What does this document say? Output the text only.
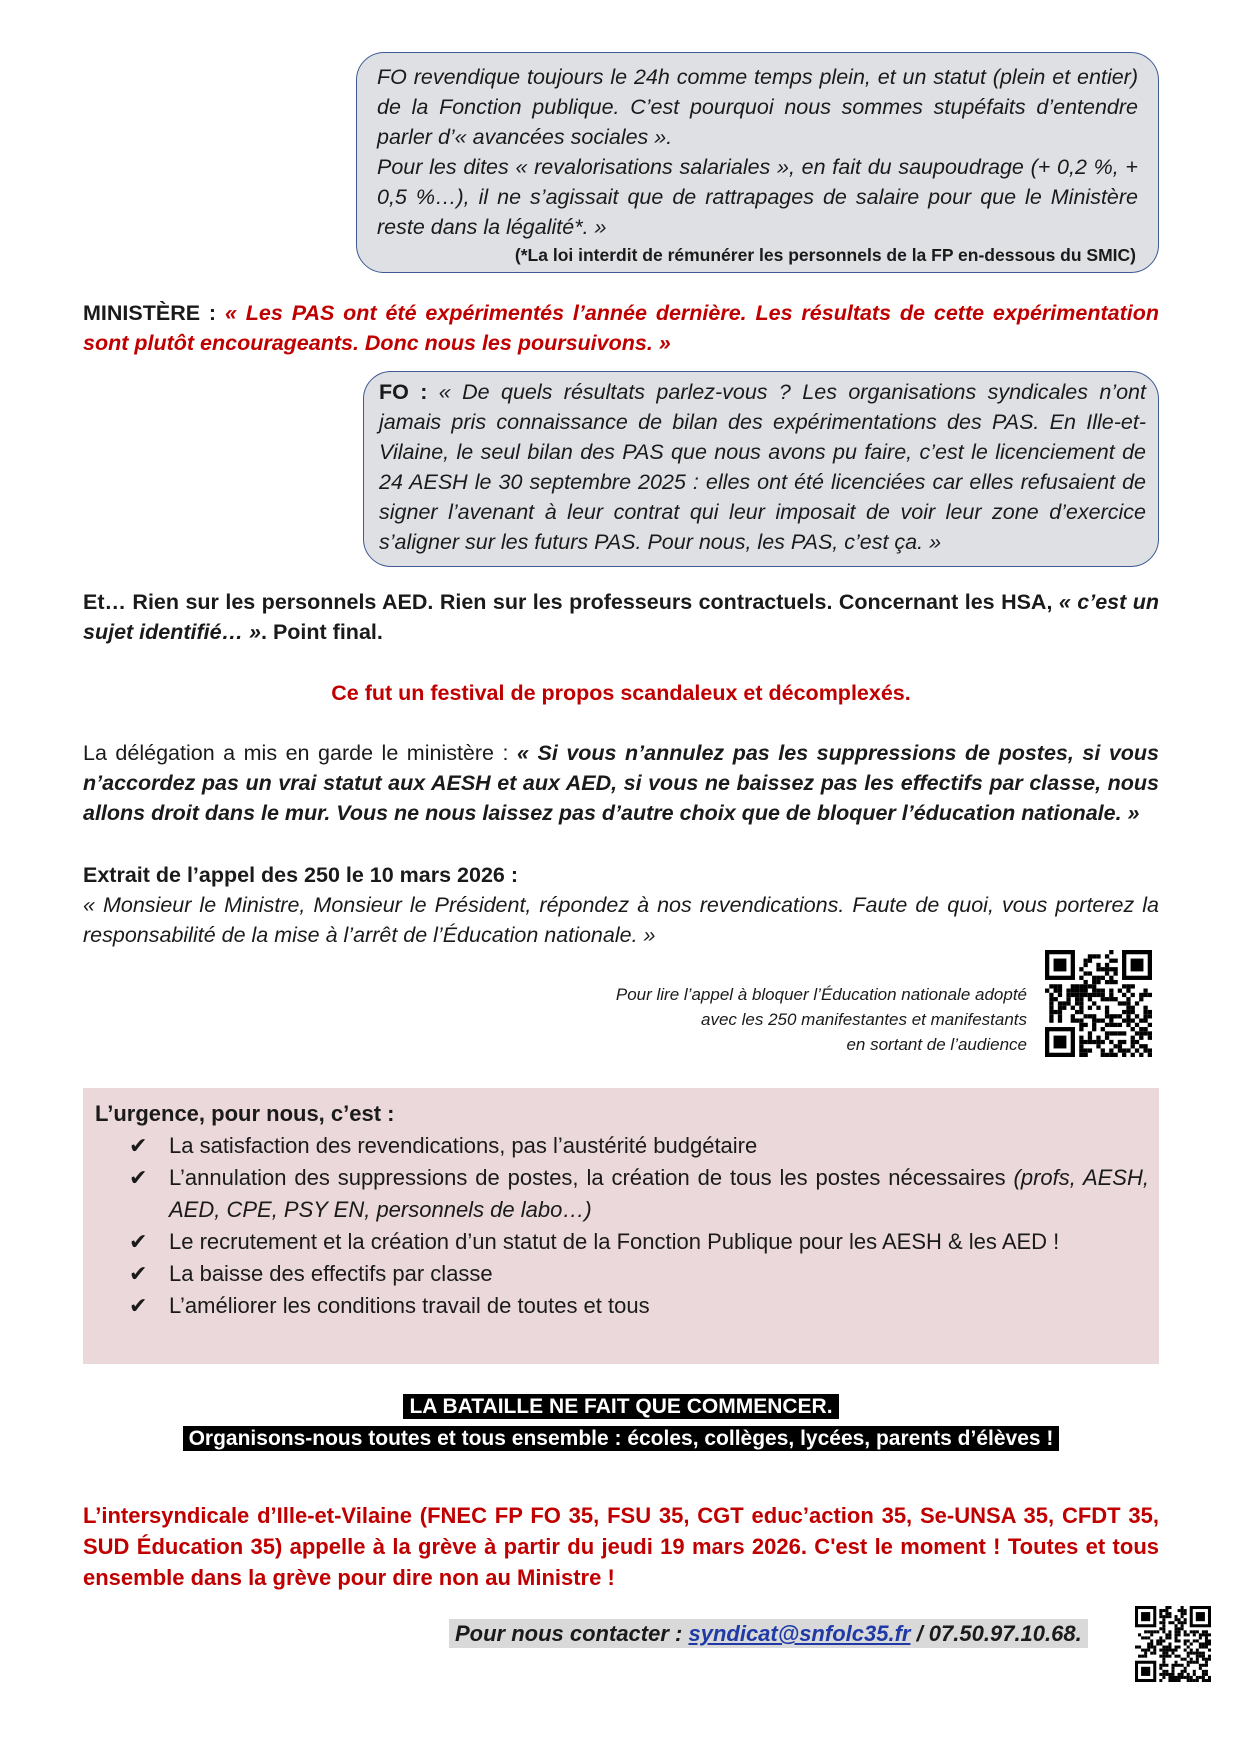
FO revendique toujours le 24h comme temps plein, et un statut (plein et entier) de la Fonction publique. C’est pourquoi nous sommes stupéfaits d’entendre parler d’« avancées sociales ».
Pour les dites « revalorisations salariales », en fait du saupoudrage (+ 0,2 %, + 0,5 %…), il ne s’agissait que de rattrapages de salaire pour que le Ministère reste dans la légalité*. »
(*La loi interdit de rémunérer les personnels de la FP en-dessous du SMIC)
MINISTÈRE : « Les PAS ont été expérimentés l’année dernière. Les résultats de cette expérimentation sont plutôt encourageants. Donc nous les poursuivons. »
FO : « De quels résultats parlez-vous ? Les organisations syndicales n’ont jamais pris connaissance de bilan des expérimentations des PAS. En Ille-et-Vilaine, le seul bilan des PAS que nous avons pu faire, c’est le licenciement de 24 AESH le 30 septembre 2025 : elles ont été licenciées car elles refusaient de signer l’avenant à leur contrat qui leur imposait de voir leur zone d’exercice s’aligner sur les futurs PAS. Pour nous, les PAS, c’est ça. »
Et… Rien sur les personnels AED. Rien sur les professeurs contractuels. Concernant les HSA, « c’est un sujet identifié… ». Point final.
Ce fut un festival de propos scandaleux et décomplexés.
La délégation a mis en garde le ministère : « Si vous n’annulez pas les suppressions de postes, si vous n’accordez pas un vrai statut aux AESH et aux AED, si vous ne baissez pas les effectifs par classe, nous allons droit dans le mur. Vous ne nous laissez pas d’autre choix que de bloquer l’éducation nationale. »
Extrait de l’appel des 250 le 10 mars 2026 :
« Monsieur le Ministre, Monsieur le Président, répondez à nos revendications. Faute de quoi, vous porterez la responsabilité de la mise à l’arrêt de l’Éducation nationale. »
Pour lire l’appel à bloquer l’Éducation nationale adopté
avec les 250 manifestantes et manifestants
en sortant de l’audience
L’urgence, pour nous, c’est :
✔ La satisfaction des revendications, pas l’austérité budgétaire
✔ L’annulation des suppressions de postes, la création de tous les postes nécessaires (profs, AESH, AED, CPE, PSY EN, personnels de labo…)
✔ Le recrutement et la création d’un statut de la Fonction Publique pour les AESH & les AED !
✔ La baisse des effectifs par classe
✔ L’améliorer les conditions travail de toutes et tous
LA BATAILLE NE FAIT QUE COMMENCER.
Organisons-nous toutes et tous ensemble : écoles, collèges, lycées, parents d’élèves !
L’intersyndicale d’Ille-et-Vilaine (FNEC FP FO 35, FSU 35, CGT educ’action 35, Se-UNSA 35, CFDT 35, SUD Éducation 35) appelle à la grève à partir du jeudi 19 mars 2026. C'est le moment ! Toutes et tous ensemble dans la grève pour dire non au Ministre !
Pour nous contacter : syndicat@snfolc35.fr / 07.50.97.10.68.
